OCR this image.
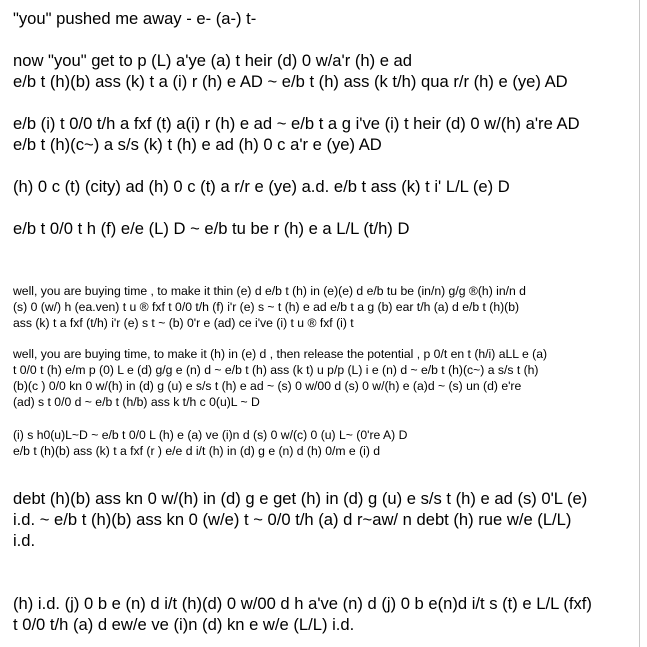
"you" pushed me away - e- (a-) t-
now "you" get to p (L) a'ye (a) t heir (d) 0 w/a'r (h) e ad
e/b t (h)(b) ass (k) t a (i) r (h) e AD ~ e/b t (h) ass (k t/h) qua r/r (h) e (ye) AD
e/b (i) t 0/0 t/h a fxf (t) a(i) r (h) e ad ~ e/b t a g i've (i) t heir (d) 0 w/(h) a're AD
e/b t (h)(c~) a s/s (k) t (h) e ad (h) 0 c a'r e (ye) AD
(h) 0 c (t) (city) ad (h) 0 c (t) a r/r e (ye) a.d. e/b t ass (k) t i' L/L (e) D
e/b t 0/0 t h (f) e/e (L) D ~ e/b tu be r (h) e a L/L (t/h) D
well, you are buying time , to make it thin (e) d e/b t (h) in (e)(e) d e/b tu be (in/n) g/g ®(h) in/n d
(s) 0 (w/) h (ea.ven) t u ® fxf t 0/0 t/h (f) i'r (e) s ~ t (h) e ad e/b t a g (b) ear t/h (a) d e/b t (h)(b)
ass (k) t a fxf (t/h) i'r (e) s t ~ (b) 0'r e (ad) ce i've (i) t u ® fxf (i) t
well, you are buying time, to make it (h) in (e) d , then release the potential , p 0/t en t (h/i) aLL e (a)
t 0/0 t (h) e/m p (0) L e (d) g/g e (n) d ~ e/b t (h) ass (k t) u p/p (L) i e (n) d ~ e/b t (h)(c~) a s/s t (h)
(b)(c ) 0/0 kn 0 w/(h) in (d) g (u) e s/s t (h) e ad ~ (s) 0 w/00 d (s) 0 w/(h) e (a)d ~ (s) un (d) e're
(ad) s t 0/0 d ~ e/b t (h/b) ass k t/h c 0(u)L ~ D
(i) s h0(u)L~D ~ e/b t 0/0 L (h) e (a) ve (i)n d (s) 0 w/(c) 0 (u) L~ (0're A) D
e/b t (h)(b) ass (k) t a fxf (r ) e/e d i/t (h) in (d) g e (n) d (h) 0/m e (i) d
debt (h)(b) ass kn 0 w/(h) in (d) g e get (h) in (d) g (u) e s/s t (h) e ad (s) 0'L (e)
i.d. ~ e/b t (h)(b) ass kn 0 (w/e) t ~ 0/0 t/h (a) d r~aw/ n debt (h) rue w/e (L/L)
i.d.
(h) i.d. (j) 0 b e (n) d i/t (h)(d) 0 w/00 d h a've (n) d (j) 0 b e(n)d i/t s (t) e L/L (fxf)
t 0/0 t/h (a) d ew/e ve (i)n (d) kn e w/e (L/L) i.d.
